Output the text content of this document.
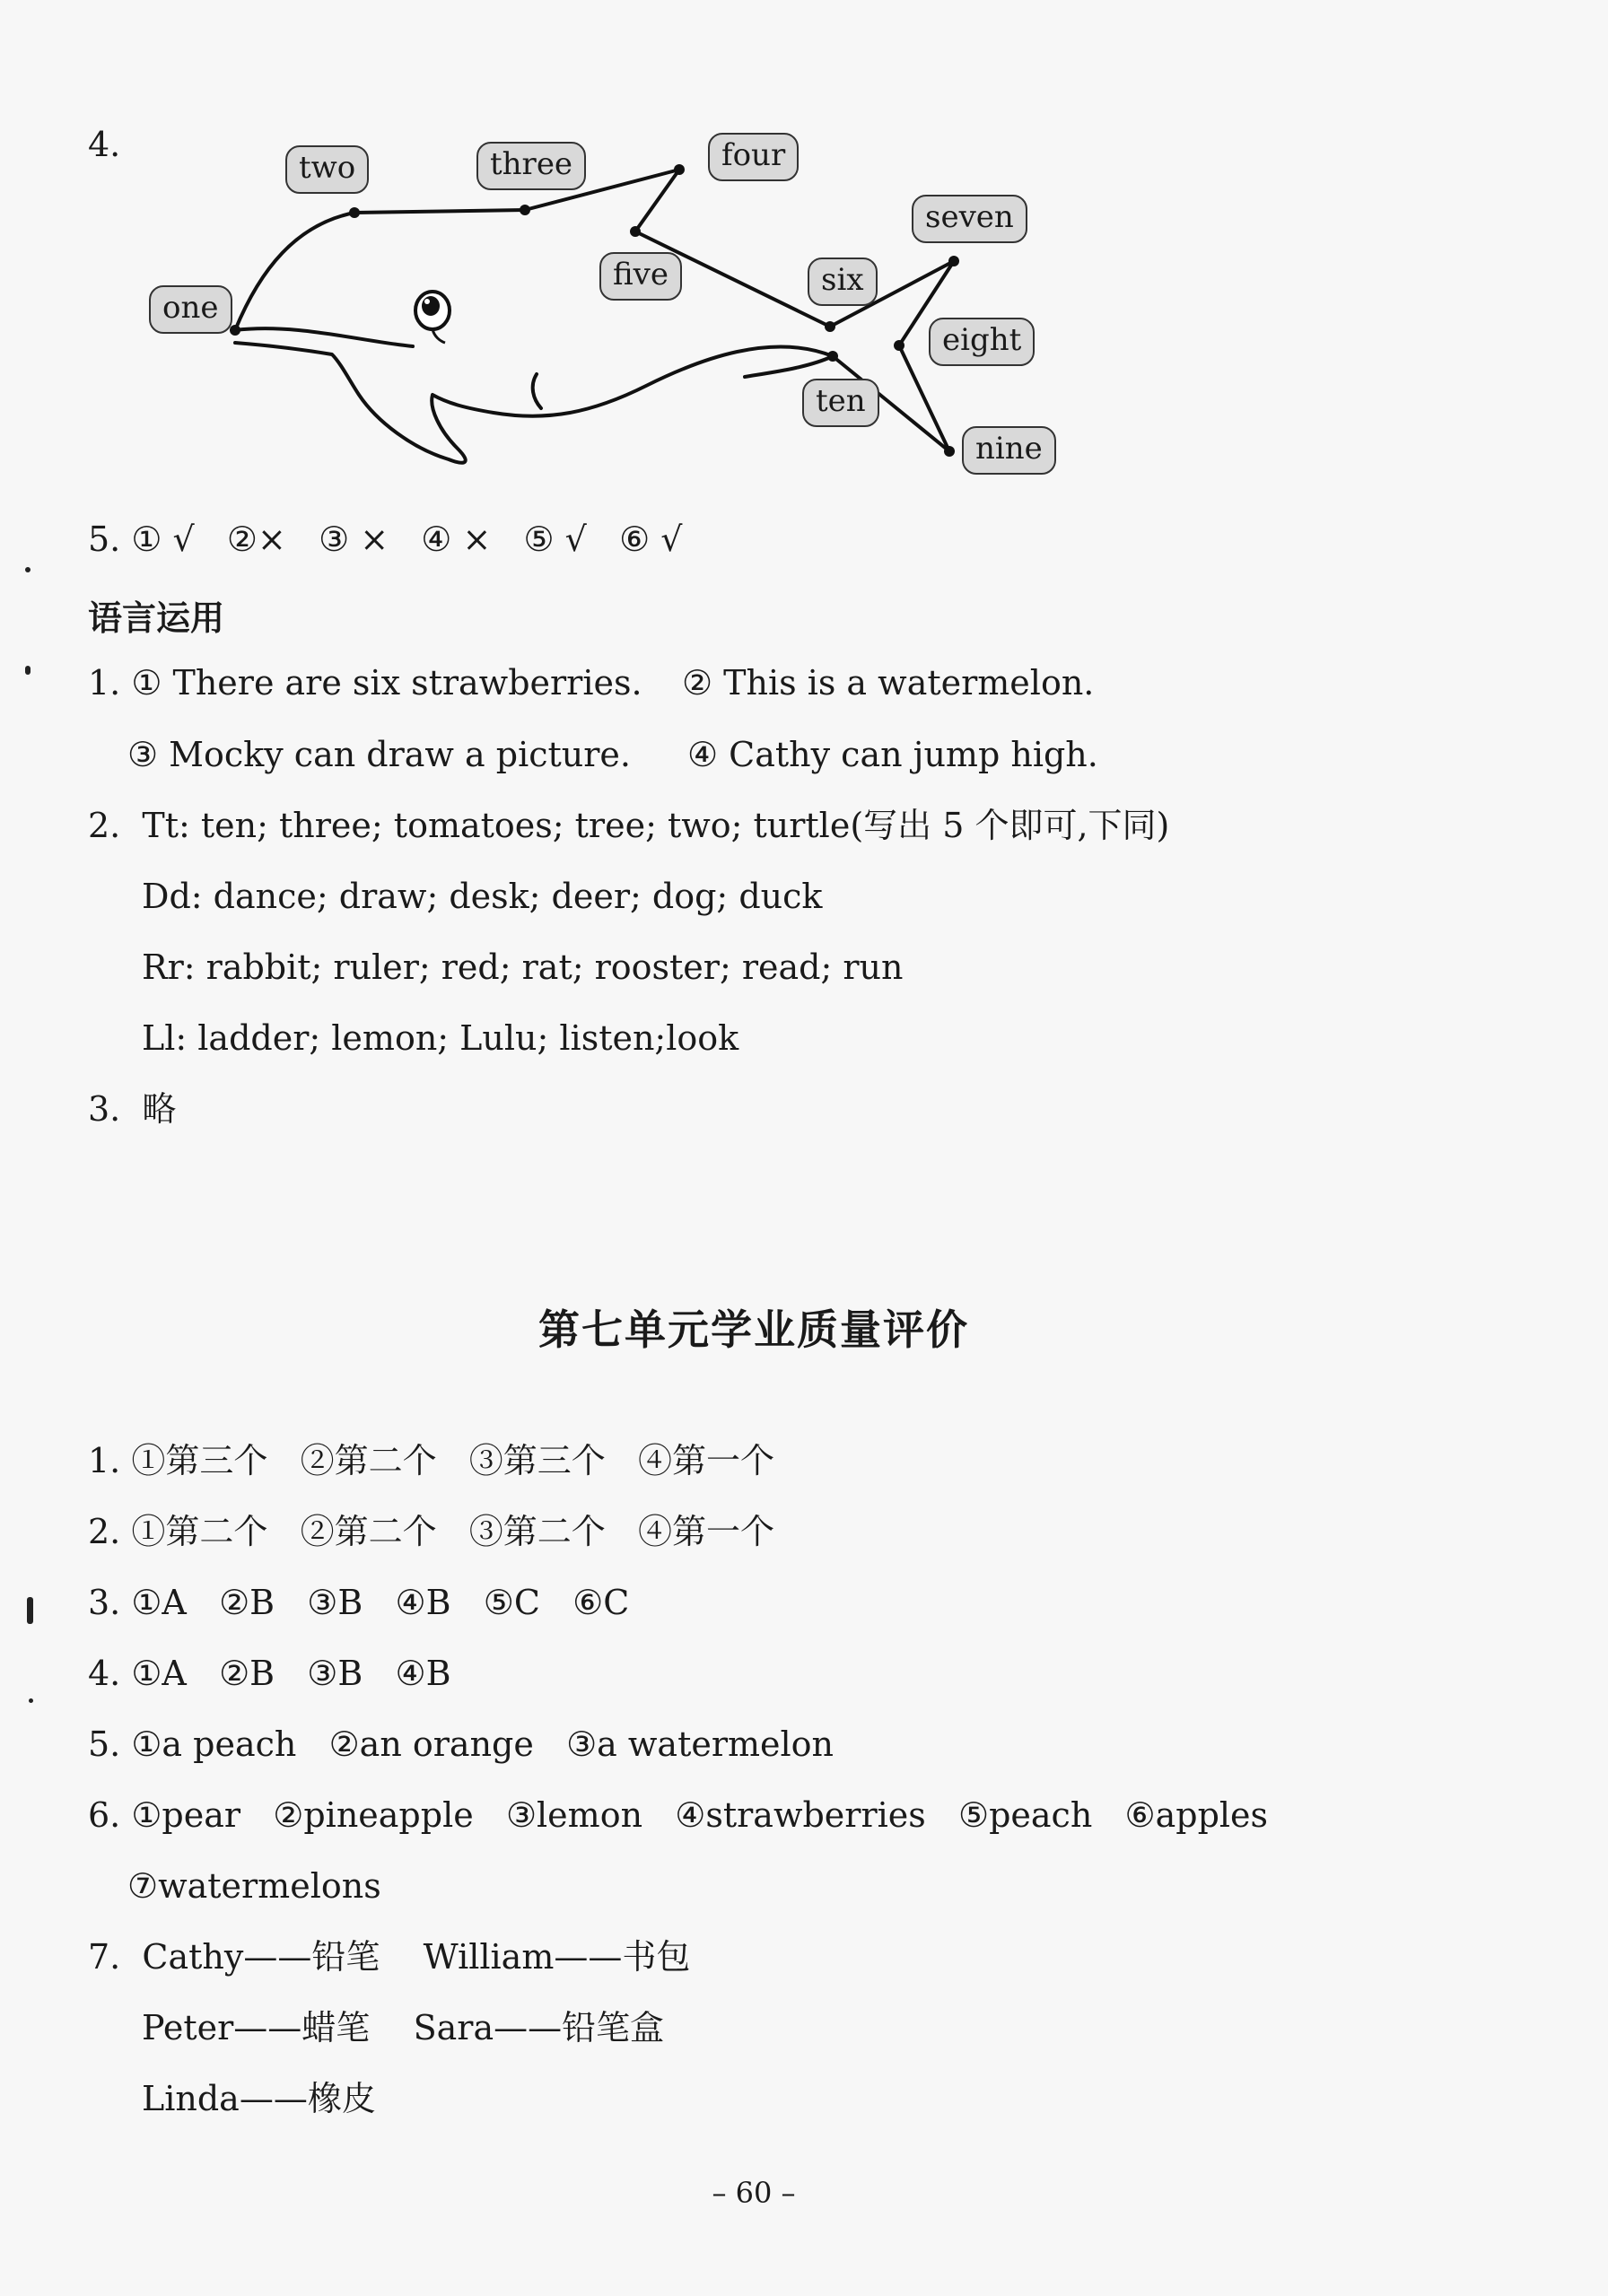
4.
one
two	three	four
five	six
seven
eight
nine
ten
5. ① √   ②×   ③ ×   ④ ×   ⑤ √   ⑥ √
语言运用
1. ① There are six strawberries. ② This is a watermelon.
③ Mocky can draw a picture. ④ Cathy can jump high.
2.  Tt: ten; three; tomatoes; tree; two; turtle(写出 5 个即可,下同)
Dd: dance; draw; desk; deer; dog; duck
Rr: rabbit; ruler; red; rat; rooster; read; run
Ll: ladder; lemon; Lulu; listen;look
3.  略
第七单元学业质量评价
1. ①第三个   ②第二个   ③第三个   ④第一个
2. ①第二个   ②第二个   ③第二个   ④第一个
3. ①A   ②B   ③B   ④B   ⑤C   ⑥C
4. ①A   ②B   ③B   ④B
5. ①a peach   ②an orange   ③a watermelon
6. ①pear   ②pineapple   ③lemon   ④strawberries   ⑤peach   ⑥apples
⑦watermelons
7.  Cathy——铅笔    William——书包
Peter——蜡笔    Sara——铅笔盒
Linda——橡皮
– 60 –
